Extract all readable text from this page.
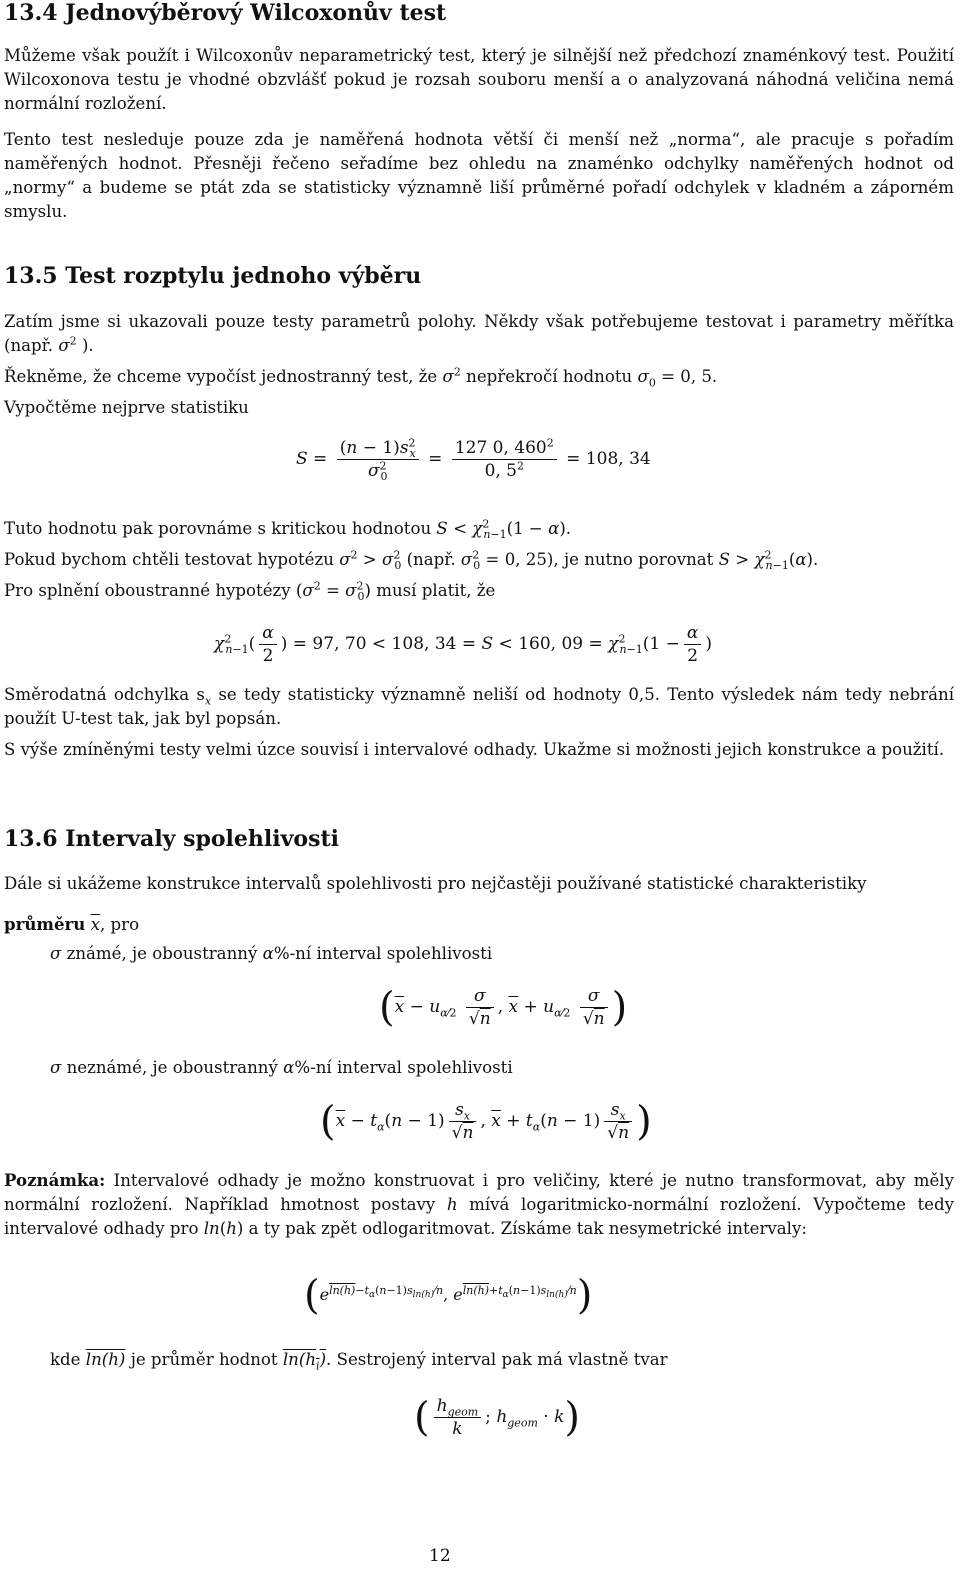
13.4 Jednovýběrový Wilcoxonův test

Můžeme však použít i Wilcoxonův neparametrický test, který je silnější než předchozí znaménkový test. Použití Wilcoxonova testu je vhodné obzvlášť pokud je rozsah souboru menší a o analyzovaná náhodná veličina nemá normální rozložení.

Tento test nesleduje pouze zda je naměřená hodnota větší či menší než „norma“, ale pracuje s pořadím naměřených hodnot. Přesněji řečeno seřadíme bez ohledu na znaménko odchylky naměřených hodnot od „normy“ a budeme se ptát zda se statisticky významně liší průměrné pořadí odchylek v kladném a záporném smyslu.

13.5 Test rozptylu jednoho výběru

Zatím jsme si ukazovali pouze testy parametrů polohy. Někdy však potřebujeme testovat i parametry měřítka (např. $\sigma^2$ ).

Řekněme, že chceme vypočíst jednostranný test, že $\sigma^2$ nepřekročí hodnotu $\sigma_0 = 0$, 5.
Vypočtěme nejprve statistiku
$S = \frac{(n - 1)s^2_x}{\sigma^2_0} = \frac{127 0, 460^2}{0, 5^2} = 108$, 34
Tuto hodnotu pak porovnáme s kritickou hodnotou $S < \chi^2_{n-1}(1 - \alpha)$.
Pokud bychom chtěli testovat hypotézu $\sigma^2 > \sigma^2_0$ (např. $\sigma^2_0 = 0$, 25), je nutno porovnat $S > \chi^2_{n-1}(\alpha)$.
Pro splnění oboustranné hypotézy $(\sigma^2 = \sigma^2_0)$ musí platit, že
$\chi^2_{n-1}( \frac{\alpha}{2}$ ) = 97, 70 < 108, 34 = S < 160, $09 = \chi^2_{n-1}(1 - \frac{\alpha}{2}$ )

Směrodatná odchylka $s_x$ se tedy statisticky významně neliší od hodnoty 0,5. Tento výsledek nám tedy nebrání použít U-test tak, jak byl popsán.

S výše zmíněnými testy velmi úzce souvisí i intervalové odhady. Ukažme si možnosti jejich konstrukce a použití.

13.6 Intervaly spolehlivosti
Dále si ukážeme konstrukce intervalů spolehlivosti pro nejčastěji používané statistické charakteristiky
průměru $\overline{x}$, pro
σ známé, je oboustranný α%-ní interval spolehlivosti
($\overline{x} - u_{\alpha⁄2} \frac{\sigma}{√n}$ , $\overline{x} + u_{\alpha⁄2} \frac{\sigma}{√n}$ )
σ neznámé, je oboustranný α%-ní interval spolehlivosti
($\overline{x} - t_\alpha(n - 1) \frac{s_x}{√n}$ , $\overline{x} + t_\alpha(n - 1) \frac{s_x}{√n}$ )

Poznámka: Intervalové odhady je možno konstruovat i pro veličiny, které je nutno transformovat, aby měly normální rozložení. Například hmotnost postavy h mívá logaritmicko-normální rozložení. Vypočteme tedy intervalové odhady pro ln(h) a ty pak zpět odlogaritmovat. Získáme tak nesymetrické intervaly:

($e^{ln(h)-t_\alpha(n-1)s_{ln(h)}⁄n}$, $e^{ln(h)+t_\alpha(n-1)s_{ln(h)}⁄n}$)
kde ln(h) je průměr hodnot $\ln(h_i)$. Sestrojený interval pak má vlastně tvar
( $\frac{h_{geom}}{k}$ ; $h_{geom} \cdot k$)
12
